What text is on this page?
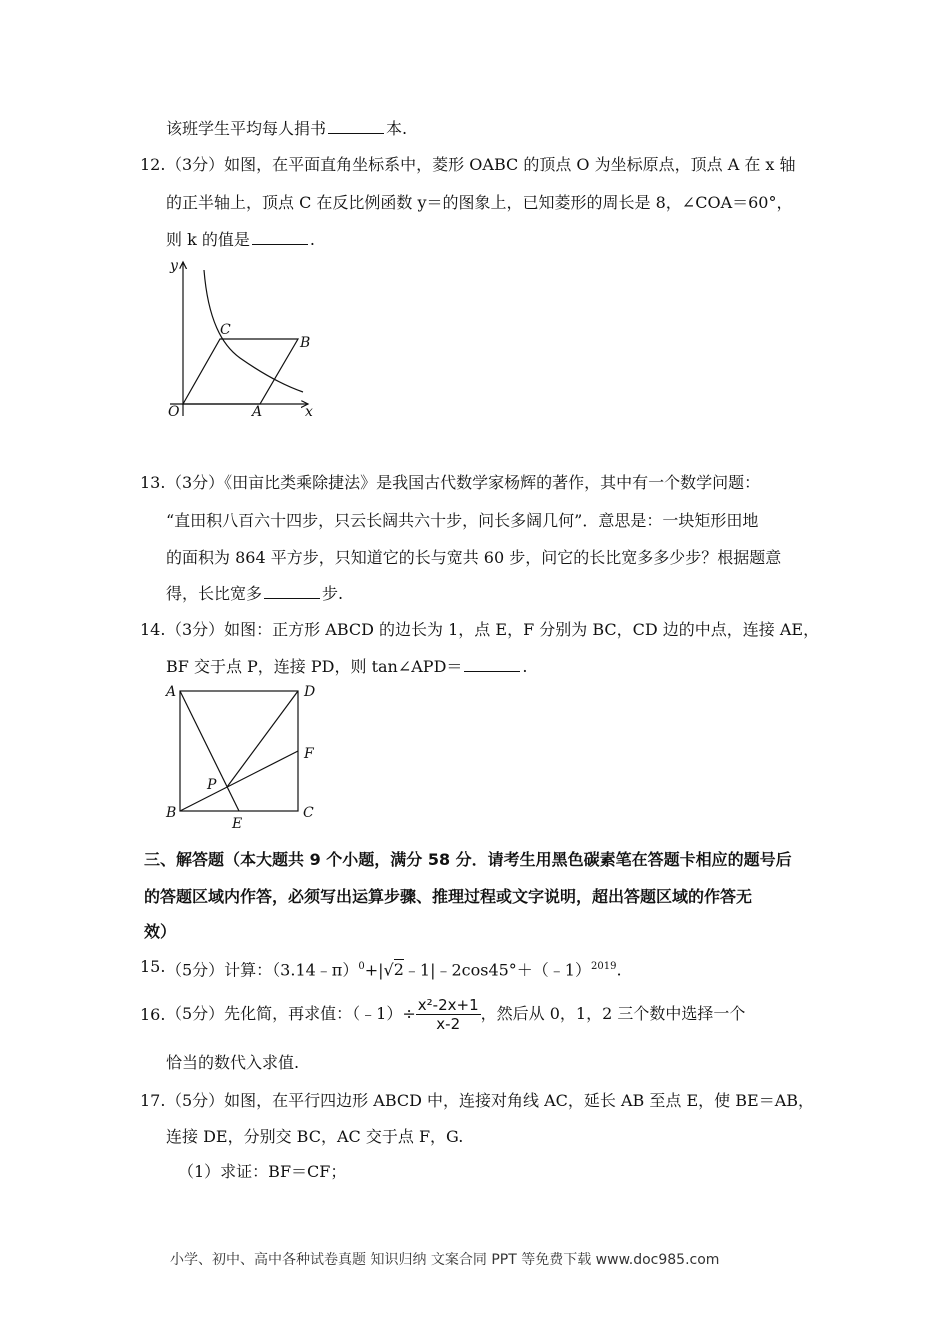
该班学生平均每人捐书	本.
12. （3分）如图，在平面直角坐标系中，菱形 OABC 的顶点 O 为坐标原点，顶点 A 在 x 轴
的正半轴上，顶点 C 在反比例函数 y＝的图象上，已知菱形的周长是 8，∠COA＝60°，
则 k 的值是	.
y
x
O	A
B
C
13. （3分）《田亩比类乘除捷法》是我国古代数学家杨辉的著作，其中有一个数学问题：
“直田积八百六十四步，只云长阔共六十步，问长多阔几何”．意思是：一块矩形田地
的面积为 864 平方步，只知道它的长与宽共 60 步，问它的长比宽多多少步？根据题意
得，长比宽多	步.
14. （3分）如图：正方形 ABCD 的边长为 1，点 E，F 分别为 BC，CD 边的中点，连接 AE，
BF 交于点 P，连接 PD，则 tan∠APD＝	.
A	D
F
B	C
E
P
三、解答题（本大题共 9 个小题，满分 58 分．请考生用黑色碳素笔在答题卡相应的题号后
的答题区域内作答，必须写出运算步骤、推理过程或文字说明，超出答题区域的作答无
效）
15. （5分）计算：（3.14﹣π）$^0$+|√2﹣1|﹣2cos45°＋（﹣1）$^{2019}$.
16. （5分）先化简，再求值：（﹣1）÷ $\frac{\text{x²-2x+1}}{x-2}$ ，然后从 0，1，2 三个数中选择一个
恰当的数代入求值.
17. （5分）如图，在平行四边形 ABCD 中，连接对角线 AC，延长 AB 至点 E，使 BE＝AB，
连接 DE，分别交 BC，AC 交于点 F，G.
（1）求证：BF＝CF；
小学、初中、高中各种试卷真题 知识归纳 文案合同 PPT 等免费下载 www.doc985.com
